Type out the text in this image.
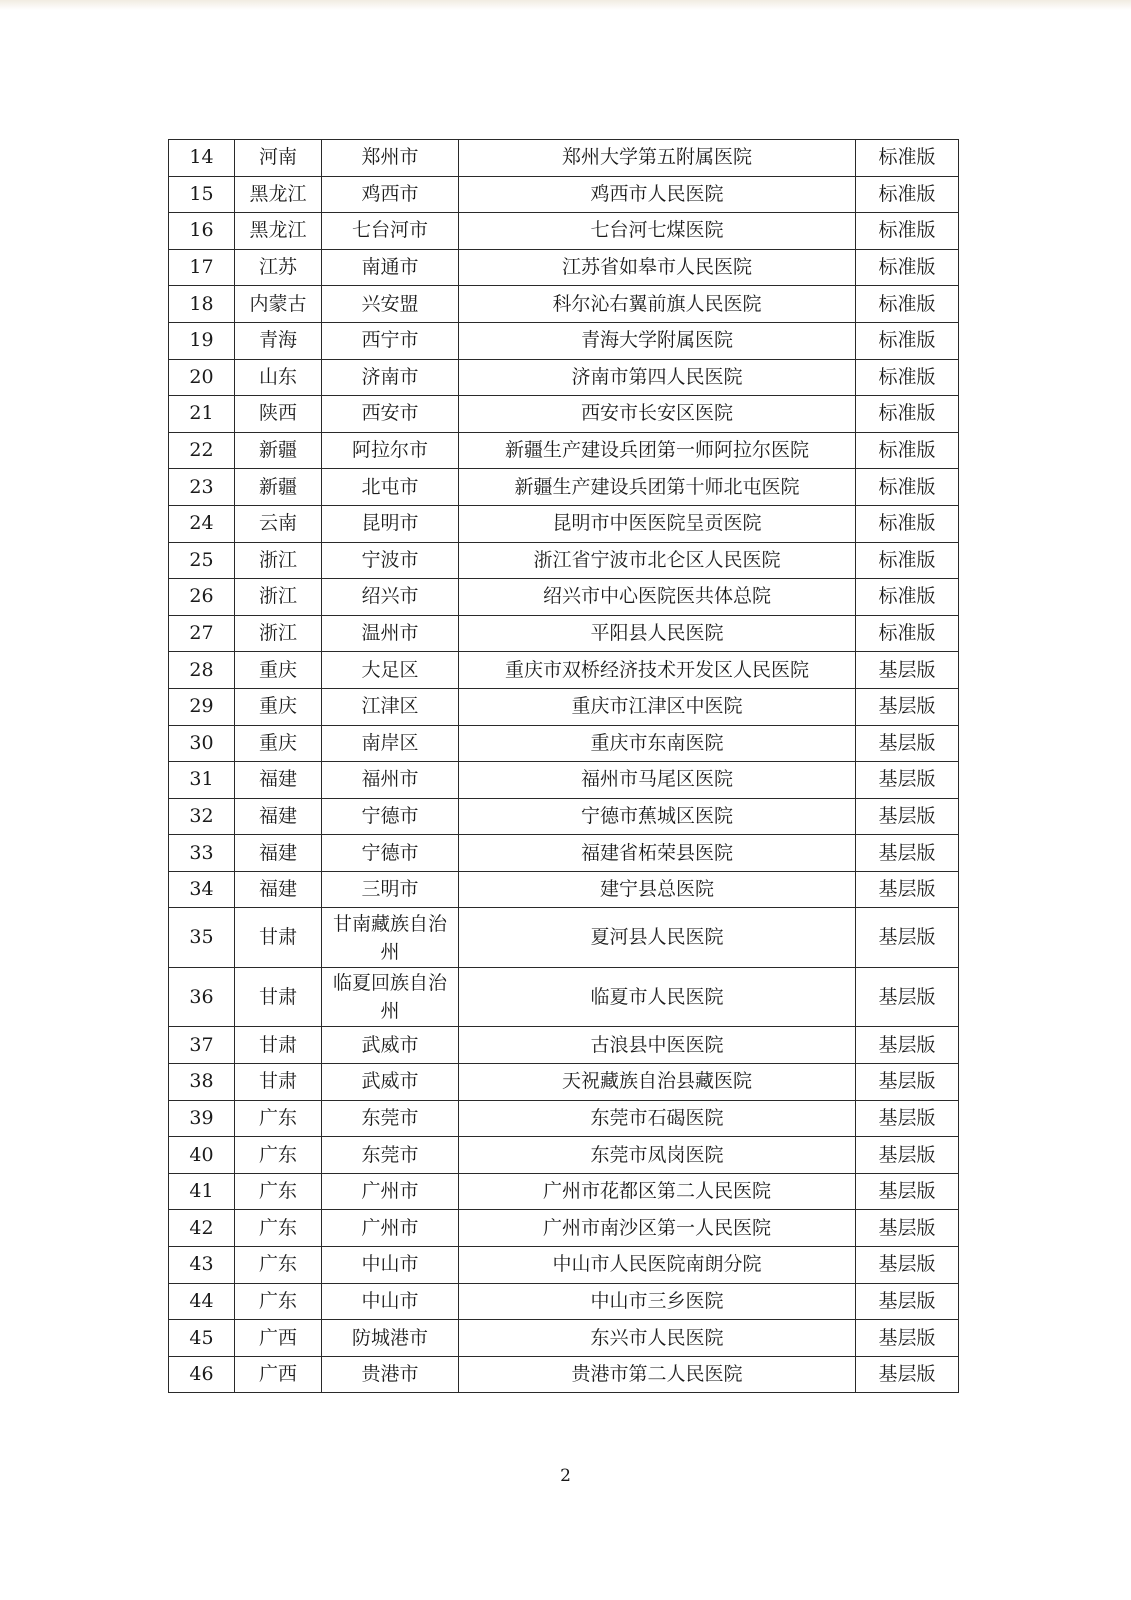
14	河南	郑州市	郑州大学第五附属医院	标准版
15	黑龙江	鸡西市	鸡西市人民医院	标准版
16	黑龙江	七台河市	七台河七煤医院	标准版
17	江苏	南通市	江苏省如皋市人民医院	标准版
18	内蒙古	兴安盟	科尔沁右翼前旗人民医院	标准版
19	青海	西宁市	青海大学附属医院	标准版
20	山东	济南市	济南市第四人民医院	标准版
21	陕西	西安市	西安市长安区医院	标准版
22	新疆	阿拉尔市	新疆生产建设兵团第一师阿拉尔医院	标准版
23	新疆	北屯市	新疆生产建设兵团第十师北屯医院	标准版
24	云南	昆明市	昆明市中医医院呈贡医院	标准版
25	浙江	宁波市	浙江省宁波市北仑区人民医院	标准版
26	浙江	绍兴市	绍兴市中心医院医共体总院	标准版
27	浙江	温州市	平阳县人民医院	标准版
28	重庆	大足区	重庆市双桥经济技术开发区人民医院	基层版
29	重庆	江津区	重庆市江津区中医院	基层版
30	重庆	南岸区	重庆市东南医院	基层版
31	福建	福州市	福州市马尾区医院	基层版
32	福建	宁德市	宁德市蕉城区医院	基层版
33	福建	宁德市	福建省柘荣县医院	基层版
34	福建	三明市	建宁县总医院	基层版
35	甘肃	甘南藏族自治州	夏河县人民医院	基层版
36	甘肃	临夏回族自治州	临夏市人民医院	基层版
37	甘肃	武威市	古浪县中医医院	基层版
38	甘肃	武威市	天祝藏族自治县藏医院	基层版
39	广东	东莞市	东莞市石碣医院	基层版
40	广东	东莞市	东莞市凤岗医院	基层版
41	广东	广州市	广州市花都区第二人民医院	基层版
42	广东	广州市	广州市南沙区第一人民医院	基层版
43	广东	中山市	中山市人民医院南朗分院	基层版
44	广东	中山市	中山市三乡医院	基层版
45	广西	防城港市	东兴市人民医院	基层版
46	广西	贵港市	贵港市第二人民医院	基层版
2
